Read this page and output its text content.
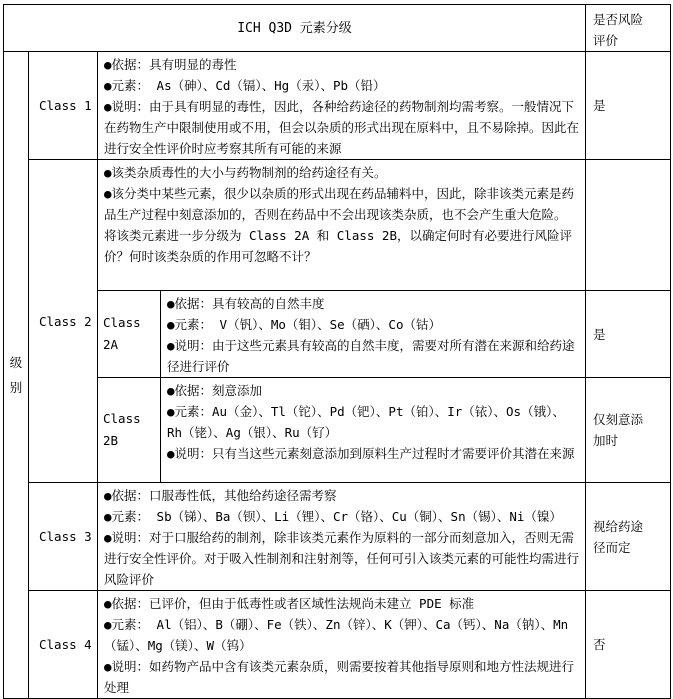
ICH Q3D 元素分级				是否风险评价

级别	Class 1	●依据：具有明显的毒性
●元素： As（砷）、Cd（镉）、Hg（汞）、Pb（铅）
●说明：由于具有明显的毒性，因此，各种给药途径的药物制剂均需考察。一般情况下在药物生产中限制使用或不用，但会以杂质的形式出现在原料中，且不易除掉。因此在进行安全性评价时应考察其所有可能的来源		是

	Class 2	●该类杂质毒性的大小与药物制剂的给药途径有关。
●该分类中某些元素，很少以杂质的形式出现在药品辅料中，因此，除非该类元素是药品生产过程中刻意添加的，否则在药品中不会出现该类杂质，也不会产生重大危险。
将该类元素进一步分级为 Class 2A 和 Class 2B，以确定何时有必要进行风险评价？何时该类杂质的作用可忽略不计？		

		Class 2A	●依据：具有较高的自然丰度
●元素： V（钒）、Mo（钼）、Se（硒）、Co（钴）
●说明：由于这些元素具有较高的自然丰度，需要对所有潜在来源和给药途径进行评价	是

		Class 2B	●依据：刻意添加
●元素：Au（金）、Tl（铊）、Pd（钯）、Pt（铂）、Ir（铱）、Os（锇）、Rh（铑）、Ag（银）、Ru（钌）
●说明：只有当这些元素刻意添加到原料生产过程时才需要评价其潜在来源	仅刻意添加时

	Class 3	●依据：口服毒性低，其他给药途径需考察
●元素： Sb（锑）、Ba（钡）、Li（锂）、Cr（铬）、Cu（铜）、Sn（锡）、Ni（镍）
●说明：对于口服给药的制剂，除非该类元素作为原料的一部分而刻意加入，否则无需进行安全性评价。对于吸入性制剂和注射剂等，任何可引入该类元素的可能性均需进行风险评价		视给药途径而定

	Class 4	●依据：已评价，但由于低毒性或者区域性法规尚未建立 PDE 标准
●元素： Al（铝）、B（硼）、Fe（铁）、Zn（锌）、K（钾）、Ca（钙）、Na（钠）、Mn（锰）、Mg（镁）、W（钨）
●说明：如药物产品中含有该类元素杂质，则需要按着其他指导原则和地方性法规进行处理		否
